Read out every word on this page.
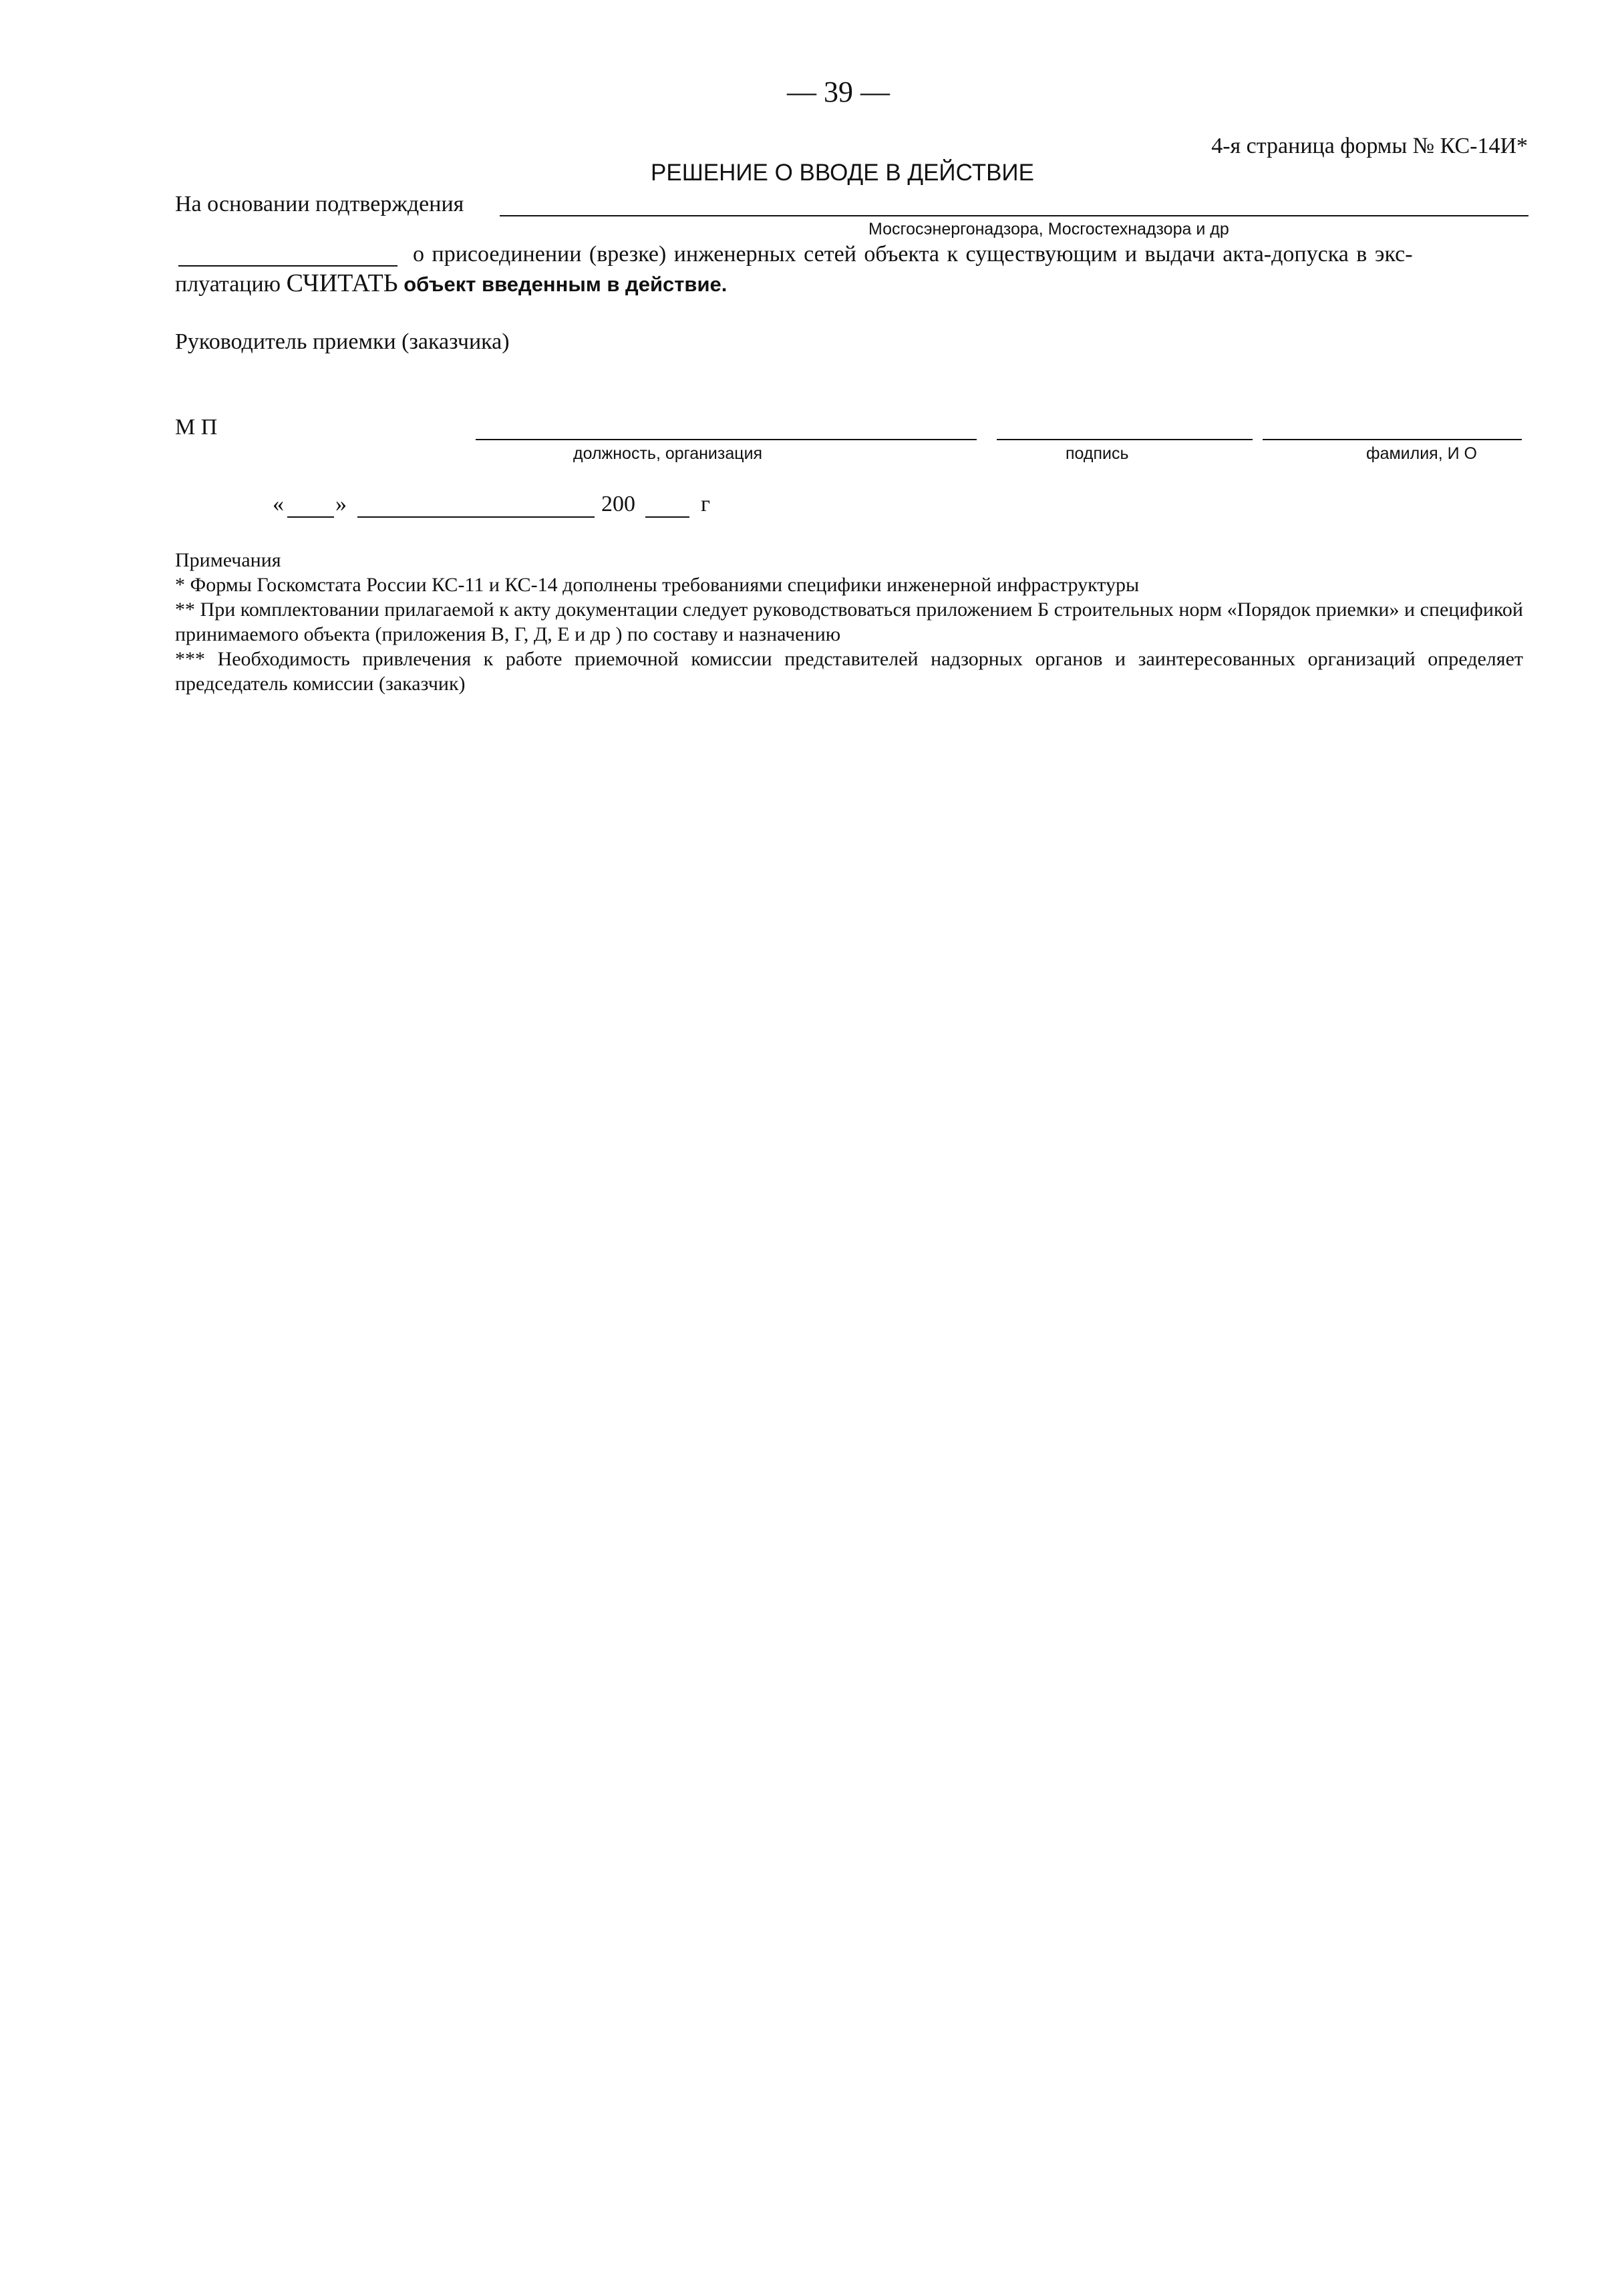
— 39 —
4-я страница формы № КС-14И*
РЕШЕНИЕ О ВВОДЕ В ДЕЙСТВИЕ
На основании подтверждения
Мосгосэнергонадзора, Мосгостехнадзора и др
о присоединении (врезке) инженерных сетей объекта к существующим и выдачи акта-допуска в экс-
плуатацию СЧИТАТЬ объект введенным в действие.
Руководитель приемки (заказчика)
М П
должность, организация	подпись	фамилия, И О
« »	200	г

Примечания

* Формы Госкомстата России КС-11 и КС-14 дополнены требованиями специфики инженерной инфраструктуры

** При комплектовании прилагаемой к акту документации следует руководствоваться приложением Б строительных норм «Порядок приемки» и спецификой принимаемого объекта (приложения В, Г, Д, Е и др ) по составу и назначению

*** Необходимость привлечения к работе приемочной комиссии представителей надзорных органов и заинтересованных организаций определяет председатель комиссии (заказчик)
